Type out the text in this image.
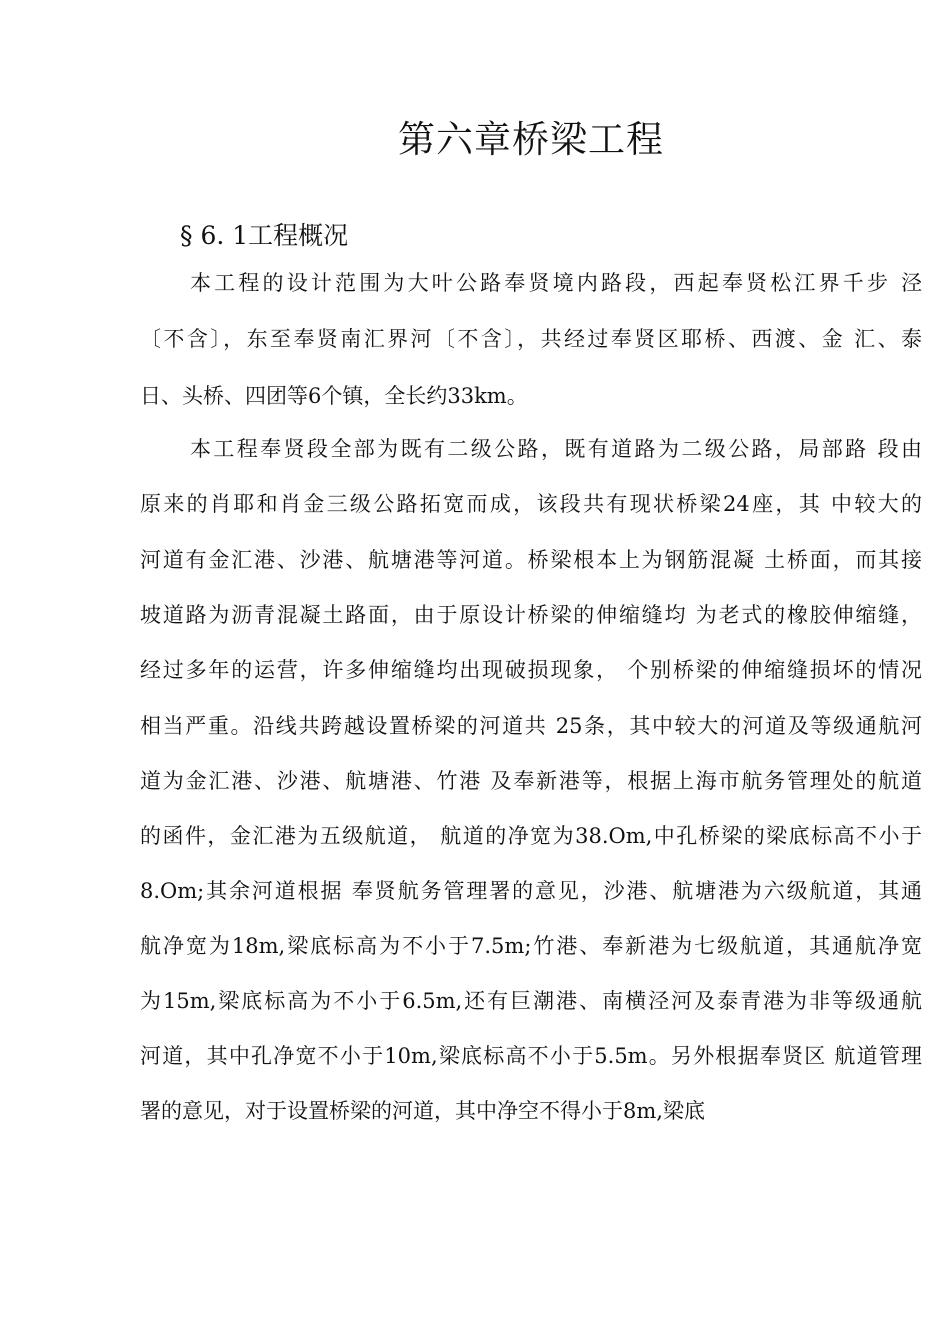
第六章桥梁工程
§ 6. 1工程概况

本工程的设计范围为大叶公路奉贤境内路段，西起奉贤松江界千步 泾

〔不含〕，东至奉贤南汇界河〔不含〕，共经过奉贤区耶桥、西渡、金 汇、泰

日、头桥、四团等6个镇，全长约33km。

本工程奉贤段全部为既有二级公路，既有道路为二级公路，局部路 段由

原来的肖耶和肖金三级公路拓宽而成，该段共有现状桥梁24座，其 中较大的

河道有金汇港、沙港、航塘港等河道。桥梁根本上为钢筋混凝 土桥面，而其接

坡道路为沥青混凝土路面，由于原设计桥梁的伸缩缝均 为老式的橡胶伸缩缝，

经过多年的运营，许多伸缩缝均出现破损现象， 个别桥梁的伸缩缝损坏的情况

相当严重。沿线共跨越设置桥梁的河道共 25条，其中较大的河道及等级通航河

道为金汇港、沙港、航塘港、竹港 及奉新港等，根据上海市航务管理处的航道

的函件，金汇港为五级航道， 航道的净宽为38.Om,中孔桥梁的梁底标高不小于

8.Om;其余河道根据 奉贤航务管理署的意见，沙港、航塘港为六级航道，其通

航净宽为18m,梁底标高为不小于7.5m;竹港、奉新港为七级航道，其通航净宽

为15m,梁底标高为不小于6.5m,还有巨潮港、南横泾河及泰青港为非等级通航

河道，其中孔净宽不小于10m,梁底标高不小于5.5m。另外根据奉贤区 航道管理

署的意见，对于设置桥梁的河道，其中净空不得小于8m,梁底
